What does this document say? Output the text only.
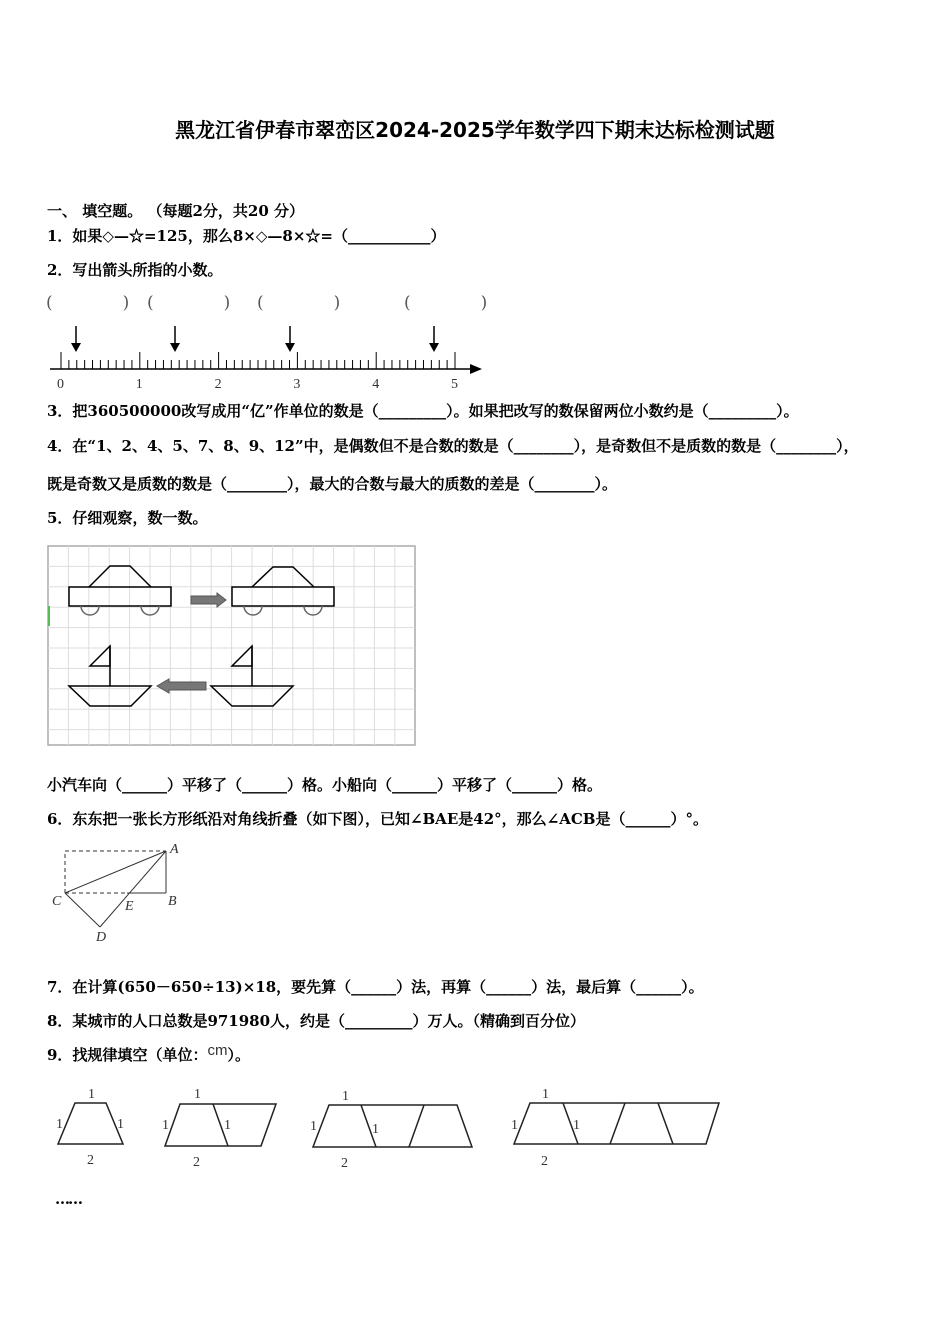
黑龙江省伊春市翠峦区2024-2025学年数学四下期末达标检测试题
一、 填空题。 （每题2分，共20 分）
1．如果◇—☆=125，那么8×◇—8×☆=（___________）
2．写出箭头所指的小数。
(　　) (　　) (　　)	(　　)
0	1	2	3	4	5
1
1	1
2
1
1	1
2
1
1	1
2
1
1	1
2
A
B
C
D
E
3．把360500000改写成用“亿”作单位的数是（_________）。如果把改写的数保留两位小数约是（_________）。
4．在“1、2、4、5、7、8、9、12”中，是偶数但不是合数的数是（________），是奇数但不是质数的数是（________），
既是奇数又是质数的数是（________），最大的合数与最大的质数的差是（________）。
5．仔细观察，数一数。
小汽车向（______）平移了（______）格。小船向（______）平移了（______）格。
6．东东把一张长方形纸沿对角线折叠（如下图），已知∠BAE是42°，那么∠ACB是（______）°。
7．在计算(650－650÷13)×18，要先算（______）法，再算（______）法，最后算（______）。
8．某城市的人口总数是971980人，约是（_________）万人。（精确到百分位）
9．找规律填空（单位：cm）。
……
